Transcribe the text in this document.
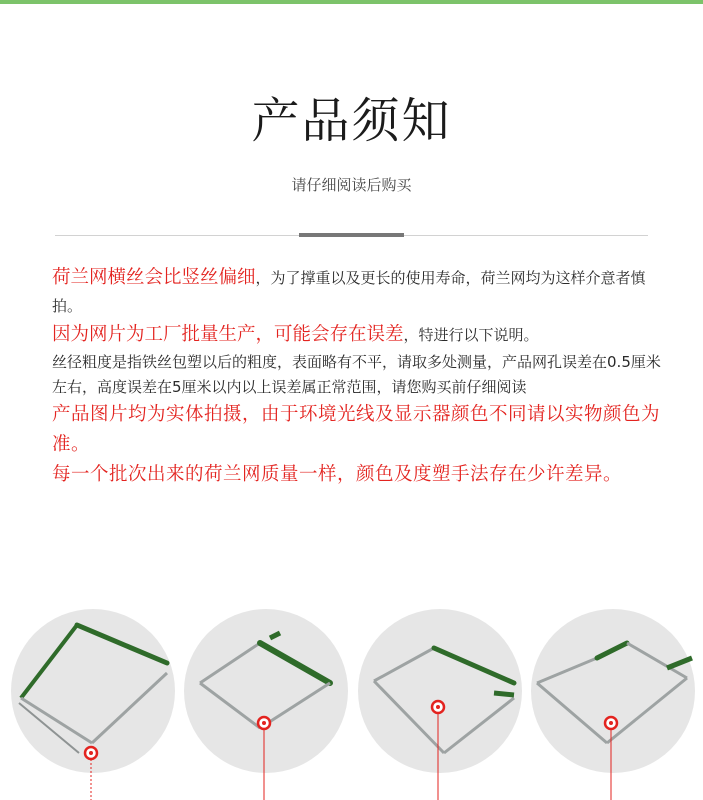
产品须知
请仔细阅读后购买

荷兰网横丝会比竖丝偏细，为了撑重以及更长的使用寿命，荷兰网均为这样介意者慎拍。

因为网片为工厂批量生产，可能会存在误差，特进行以下说明。

丝径粗度是指铁丝包塑以后的粗度，表面略有不平，请取多处测量，产品网孔误差在0.5厘米左右，高度误差在5厘米以内以上误差属正常范围，请您购买前仔细阅读

产品图片均为实体拍摄，由于环境光线及显示器颜色不同请以实物颜色为准。

每一个批次出来的荷兰网质量一样，颜色及度塑手法存在少许差异。
